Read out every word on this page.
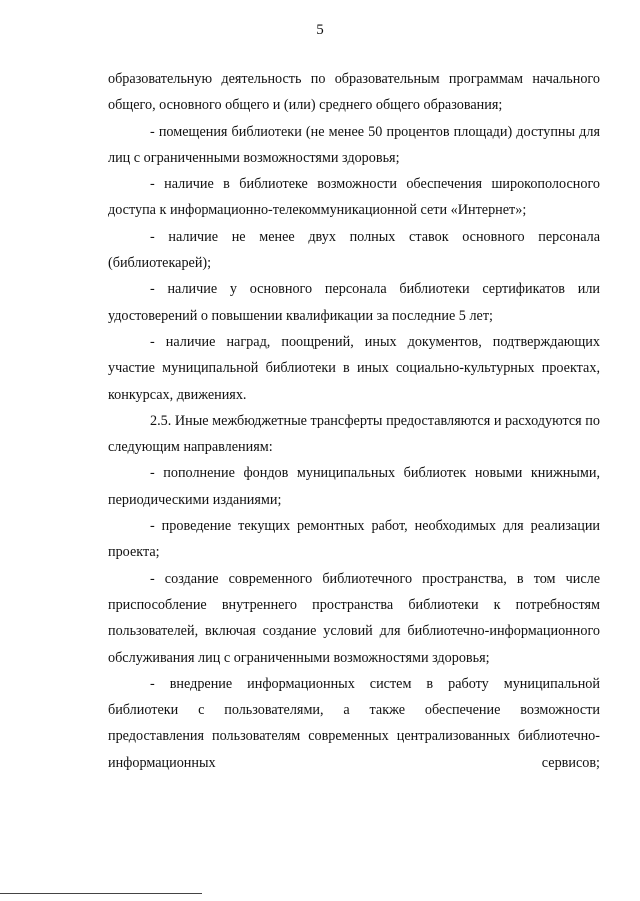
5

образовательную деятельность по образовательным программам начального общего, основного общего и (или) среднего общего образования;

- помещения библиотеки (не менее 50 процентов площади) доступны для лиц с ограниченными возможностями здоровья;

- наличие в библиотеке возможности обеспечения широкополосного доступа к информационно-телекоммуникационной сети «Интернет»;

- наличие не менее двух полных ставок основного персонала (библиотекарей);

- наличие у основного персонала библиотеки сертификатов или удостоверений о повышении квалификации за последние 5 лет;

- наличие наград, поощрений, иных документов, подтверждающих участие муниципальной библиотеки в иных социально-культурных проектах, конкурсах, движениях.

2.5. Иные межбюджетные трансферты предоставляются и расходуются по следующим направлениям:

- пополнение фондов муниципальных библиотек новыми книжными, периодическими изданиями;

- проведение текущих ремонтных работ, необходимых для реализации проекта;

- создание современного библиотечного пространства, в том числе приспособление внутреннего пространства библиотеки к потребностям пользователей, включая создание условий для библиотечно-информационного обслуживания лиц с ограниченными возможностями здоровья;

- внедрение информационных систем в работу муниципальной библиотеки с пользователями, а также обеспечение возможности предоставления пользователям современных централизованных библиотечно-информационных сервисов;
